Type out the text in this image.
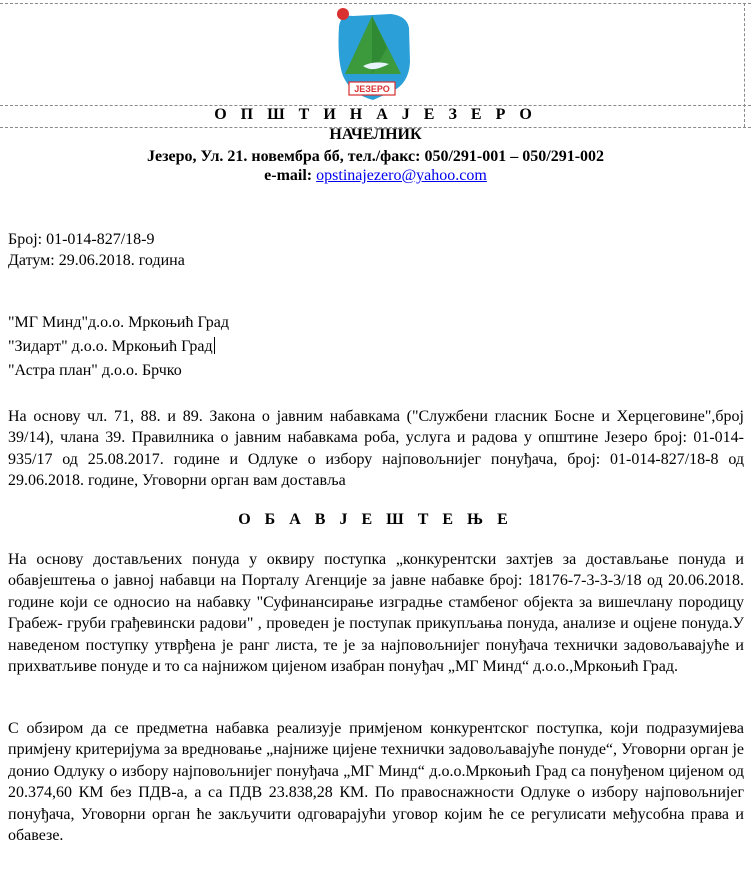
ЈЕЗЕРО
О П Ш Т И Н А Ј Е З Е Р О
НАЧЕЛНИК
Језеро, Ул. 21. новембра бб, тел./факс: 050/291-001 – 050/291-002
e-mail: opstinajezero@yahoo.com
Број: 01-014-827/18-9
Датум: 29.06.2018. година
"МГ Минд"д.о.о. Мркоњић Град
"Зидарт" д.о.о. Мркоњић Град
"Астра план" д.о.о. Брчко
На основу чл. 71, 88. и 89. Закона о јавним набавкама ("Службени гласник Босне и Херцеговине",број 39/14), члана 39. Правилника о јавним набавкама роба, услуга и радова у општине Језеро број: 01-014-935/17 од 25.08.2017. године и Одлуке о избору најповољнијег понуђача, број: 01-014-827/18-8 од 29.06.2018. године, Уговорни орган вам доставља
О Б А В Ј Е Ш Т Е Њ Е
На основу достављених понуда у оквиру поступка „конкурентски захтјев за достављање понуда и обавјештења о јавној набавци на Порталу Агенције за јавне набавке број: 18176-7-3-3-3/18 од 20.06.2018. године који се односио на набавку "Суфинансирање изградње стамбеног објекта за вишечлану породицу Грабеж- груби грађевински радови" , проведен је поступак прикупљања понуда, анализе и оцјене понуда.У наведеном поступку утврђена је ранг листа, те је за најповољнијег понуђача технички задовољавајуће и прихватљиве понуде и то са најнижом цијеном изабран понуђач „МГ Минд“ д.о.о.,Мркоњић Град.
С обзиром да се предметна набавка реализује примјеном конкурентског поступка, који подразумијева примјену критеријума за вредновање „најниже цијене технички задовољавајуће понуде“, Уговорни орган је донио Одлуку о избору најповољнијег понуђача „МГ Минд“ д.о.о.Мркоњић Град са понуђеном цијеном од 20.374,60 КМ без ПДВ-а, а са ПДВ 23.838,28 КМ. По правоснажности Одлуке о избору најповољнијег понуђача, Уговорни орган ће закључити одговарајући уговор којим ће се регулисати међусобна права и обавезе.
